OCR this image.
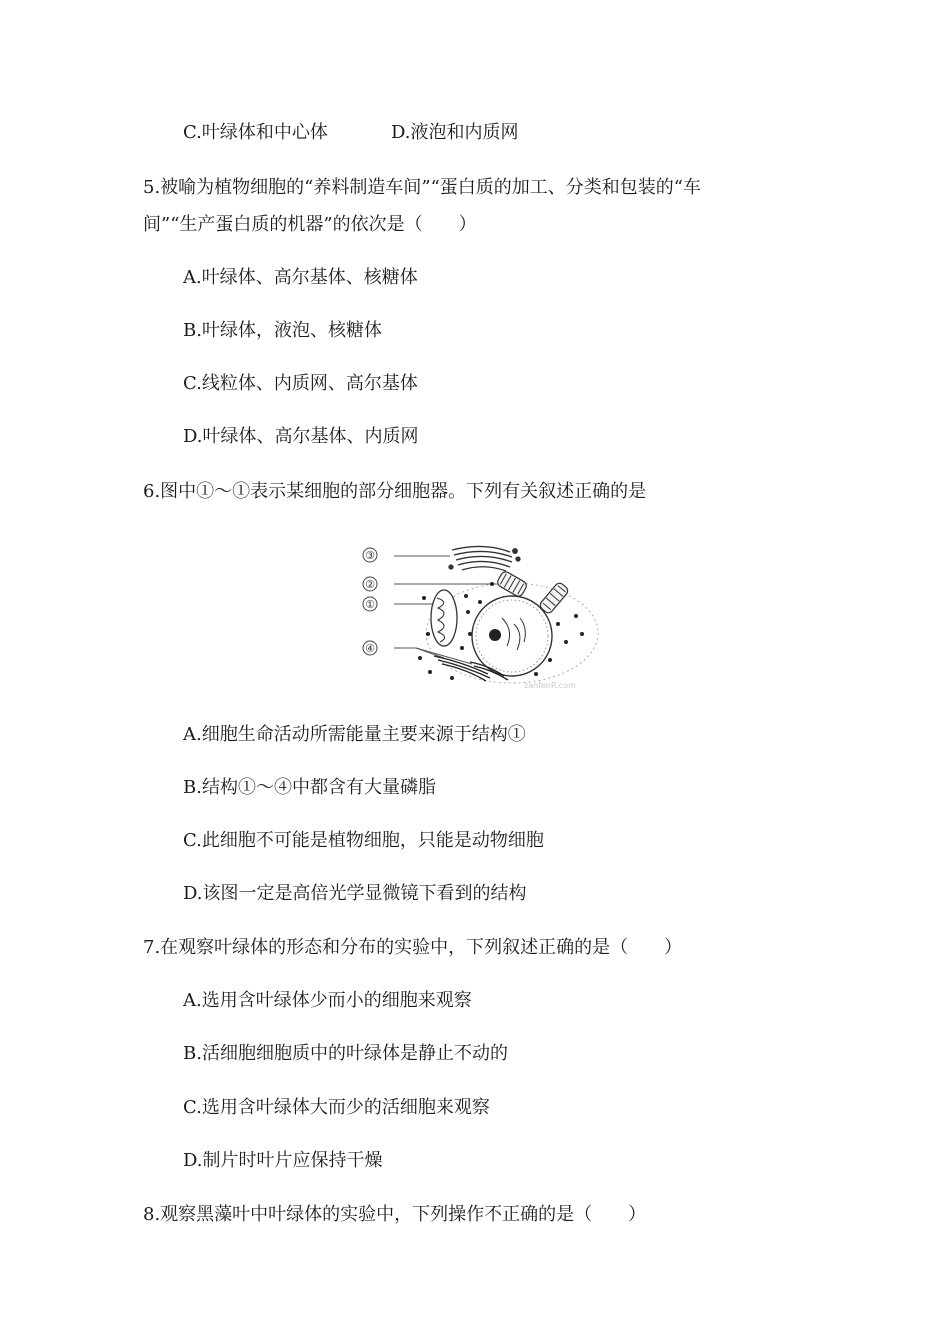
C.叶绿体和中心体	D.液泡和内质网
5.被喻为植物细胞的“养料制造车间”“蛋白质的加工、分类和包装的“车
间”“生产蛋白质的机器”的依次是（　　）
A.叶绿体、高尔基体、核糖体
B.叶绿体，液泡、核糖体
C.线粒体、内质网、高尔基体
D.叶绿体、高尔基体、内质网
6.图中①～①表示某细胞的部分细胞器。下列有关叙述正确的是
③
②
①
④
zanfenR.com
A.细胞生命活动所需能量主要来源于结构①
B.结构①～④中都含有大量磷脂
C.此细胞不可能是植物细胞，只能是动物细胞
D.该图一定是高倍光学显微镜下看到的结构
7.在观察叶绿体的形态和分布的实验中，下列叙述正确的是（　　）
A.选用含叶绿体少而小的细胞来观察
B.活细胞细胞质中的叶绿体是静止不动的
C.选用含叶绿体大而少的活细胞来观察
D.制片时叶片应保持干燥
8.观察黑藻叶中叶绿体的实验中，下列操作不正确的是（　　）
